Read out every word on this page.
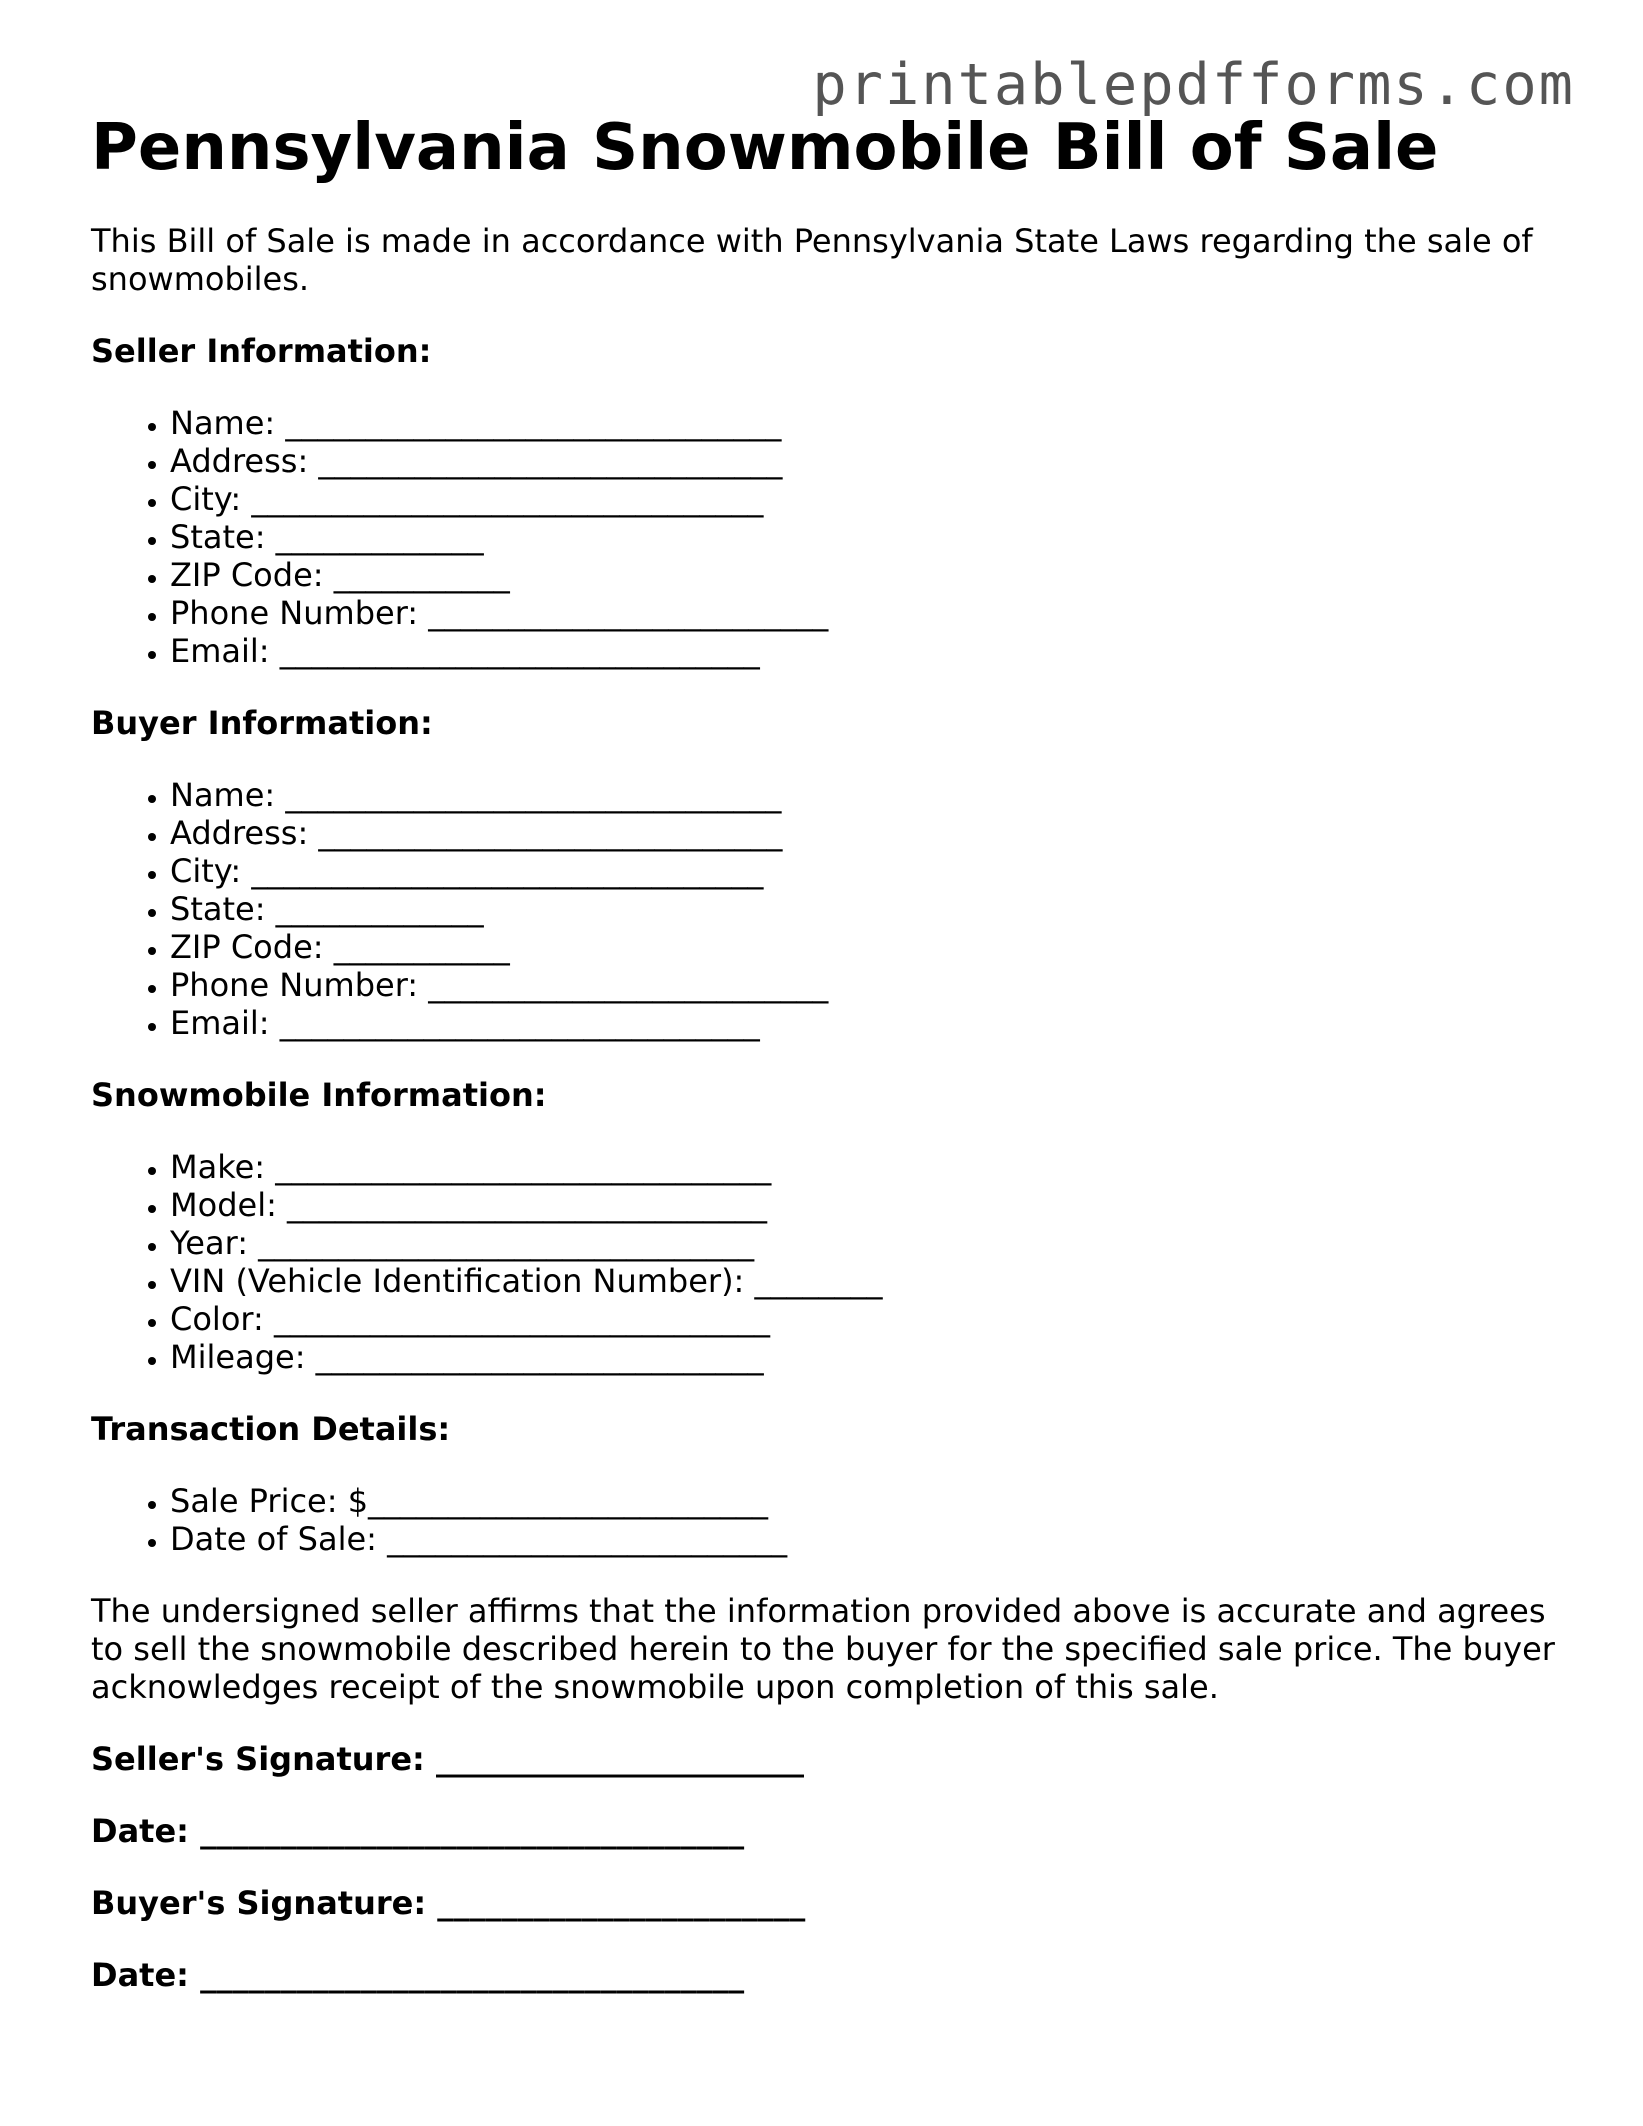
printablepdfforms.com
Pennsylvania Snowmobile Bill of Sale

This Bill of Sale is made in accordance with Pennsylvania State Laws regarding the sale of snowmobiles.

Seller Information:

• Name: _______________________________
• Address: _____________________________
• City: ________________________________
• State: _____________
• ZIP Code: ___________
• Phone Number: _________________________
• Email: ______________________________

Buyer Information:

• Name: _______________________________
• Address: _____________________________
• City: ________________________________
• State: _____________
• ZIP Code: ___________
• Phone Number: _________________________
• Email: ______________________________

Snowmobile Information:

• Make: _______________________________
• Model: ______________________________
• Year: _______________________________
• VIN (Vehicle Identification Number): ________
• Color: _______________________________
• Mileage: ____________________________

Transaction Details:

• Sale Price: $_________________________
• Date of Sale: _________________________

The undersigned seller affirms that the information provided above is accurate and agrees to sell the snowmobile described herein to the buyer for the specified sale price. The buyer acknowledges receipt of the snowmobile upon completion of this sale.

Seller's Signature: _______________________

Date: __________________________________

Buyer's Signature: _______________________

Date: __________________________________
